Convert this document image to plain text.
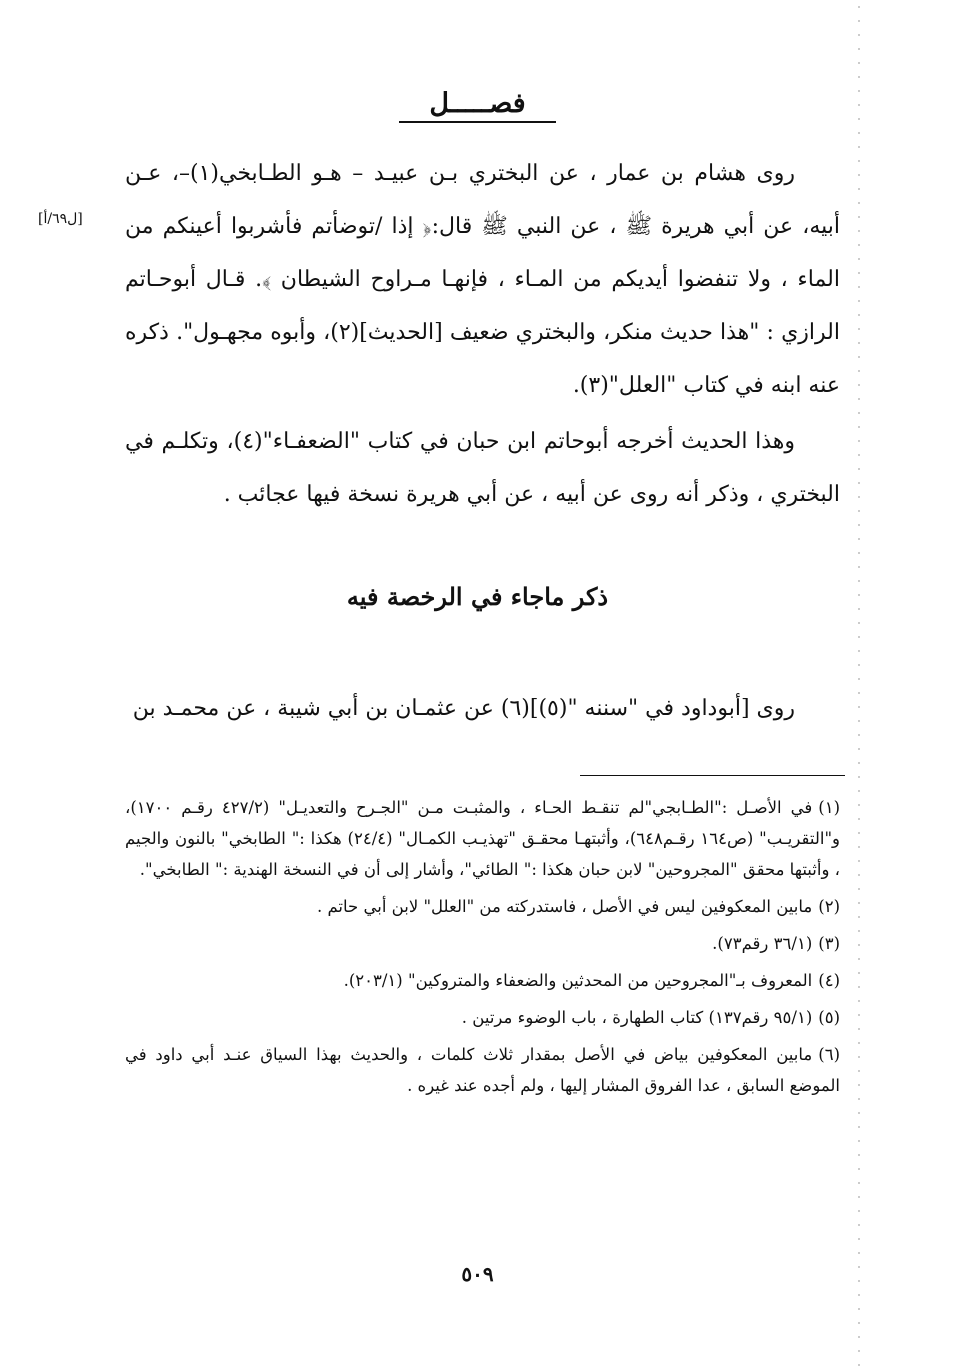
فصـــــل
[ل٦٩/أ]

روى هشام بن عمار ، عن البختري بـن عبيـد – هـو الطـابخي(١)–، عـن أبيه، عن أبي هريرة ﷺ ، عن النبي ﷺ قال:﴿ إذا /توضأتم فأشربوا أعينكم من الماء ، ولا تنفضوا أيديكم من المـاء ، فإنهـا مـراوح الشيطان ﴾. قـال أبوحـاتم الرازي : "هذا حديث منكر، والبختري ضعيف [الحديث](٢)، وأبوه مجهـول". ذكره عنه ابنه في كتاب "العلل"(٣).

وهذا الحديث أخرجه أبوحاتم ابن حبان في كتاب "الضعفـاء"(٤)، وتكلـم في البختري ، وذكر أنه روى عن أبيه ، عن أبي هريرة نسخة فيها عجائب .

ذكر ماجاء في الرخصة فيه

روى [أبوداود في "سننه "(٥)](٦) عن عثمـان بن أبي شيبة ، عن محمـد بن

(١)في الأصـل :"الطـابجي"لم تنقـط الحـاء ، والمثبـت مـن "الجـرح والتعديـل" (٤٢٧/٢ رقـم ١٧٠٠)، و"التقريـب" (ص١٦٤ رقـم٦٤٨)، وأثبتهـا محقـق "تهذيـب الكمـال" (٢٤/٤) هكذا :" الطابخي" بالنون والجيم ، وأثبتها محقق "المجروحين" لابن حبان هكذا :" الطائي"، وأشار إلى أن في النسخة الهندية :" الطابخي".

(٢)مابين المعكوفين ليس في الأصل ، فاستدركته من "العلل" لابن أبي حاتم .

(٣)(٣٦/١ رقم٧٣).

(٤)المعروف بـ"المجروحين من المحدثين والضعفاء والمتروكين" (٢٠٣/١).

(٥)(٩٥/١ رقم١٣٧) كتاب الطهارة ، باب الوضوء مرتين .

(٦)مابين المعكوفين بياض في الأصل بمقدار ثلاث كلمات ، والحديث بهذا السياق عنـد أبي داود في الموضع السابق ، عدا الفروق المشار إليها ، ولم أجده عند غيره .

٥٠٩
